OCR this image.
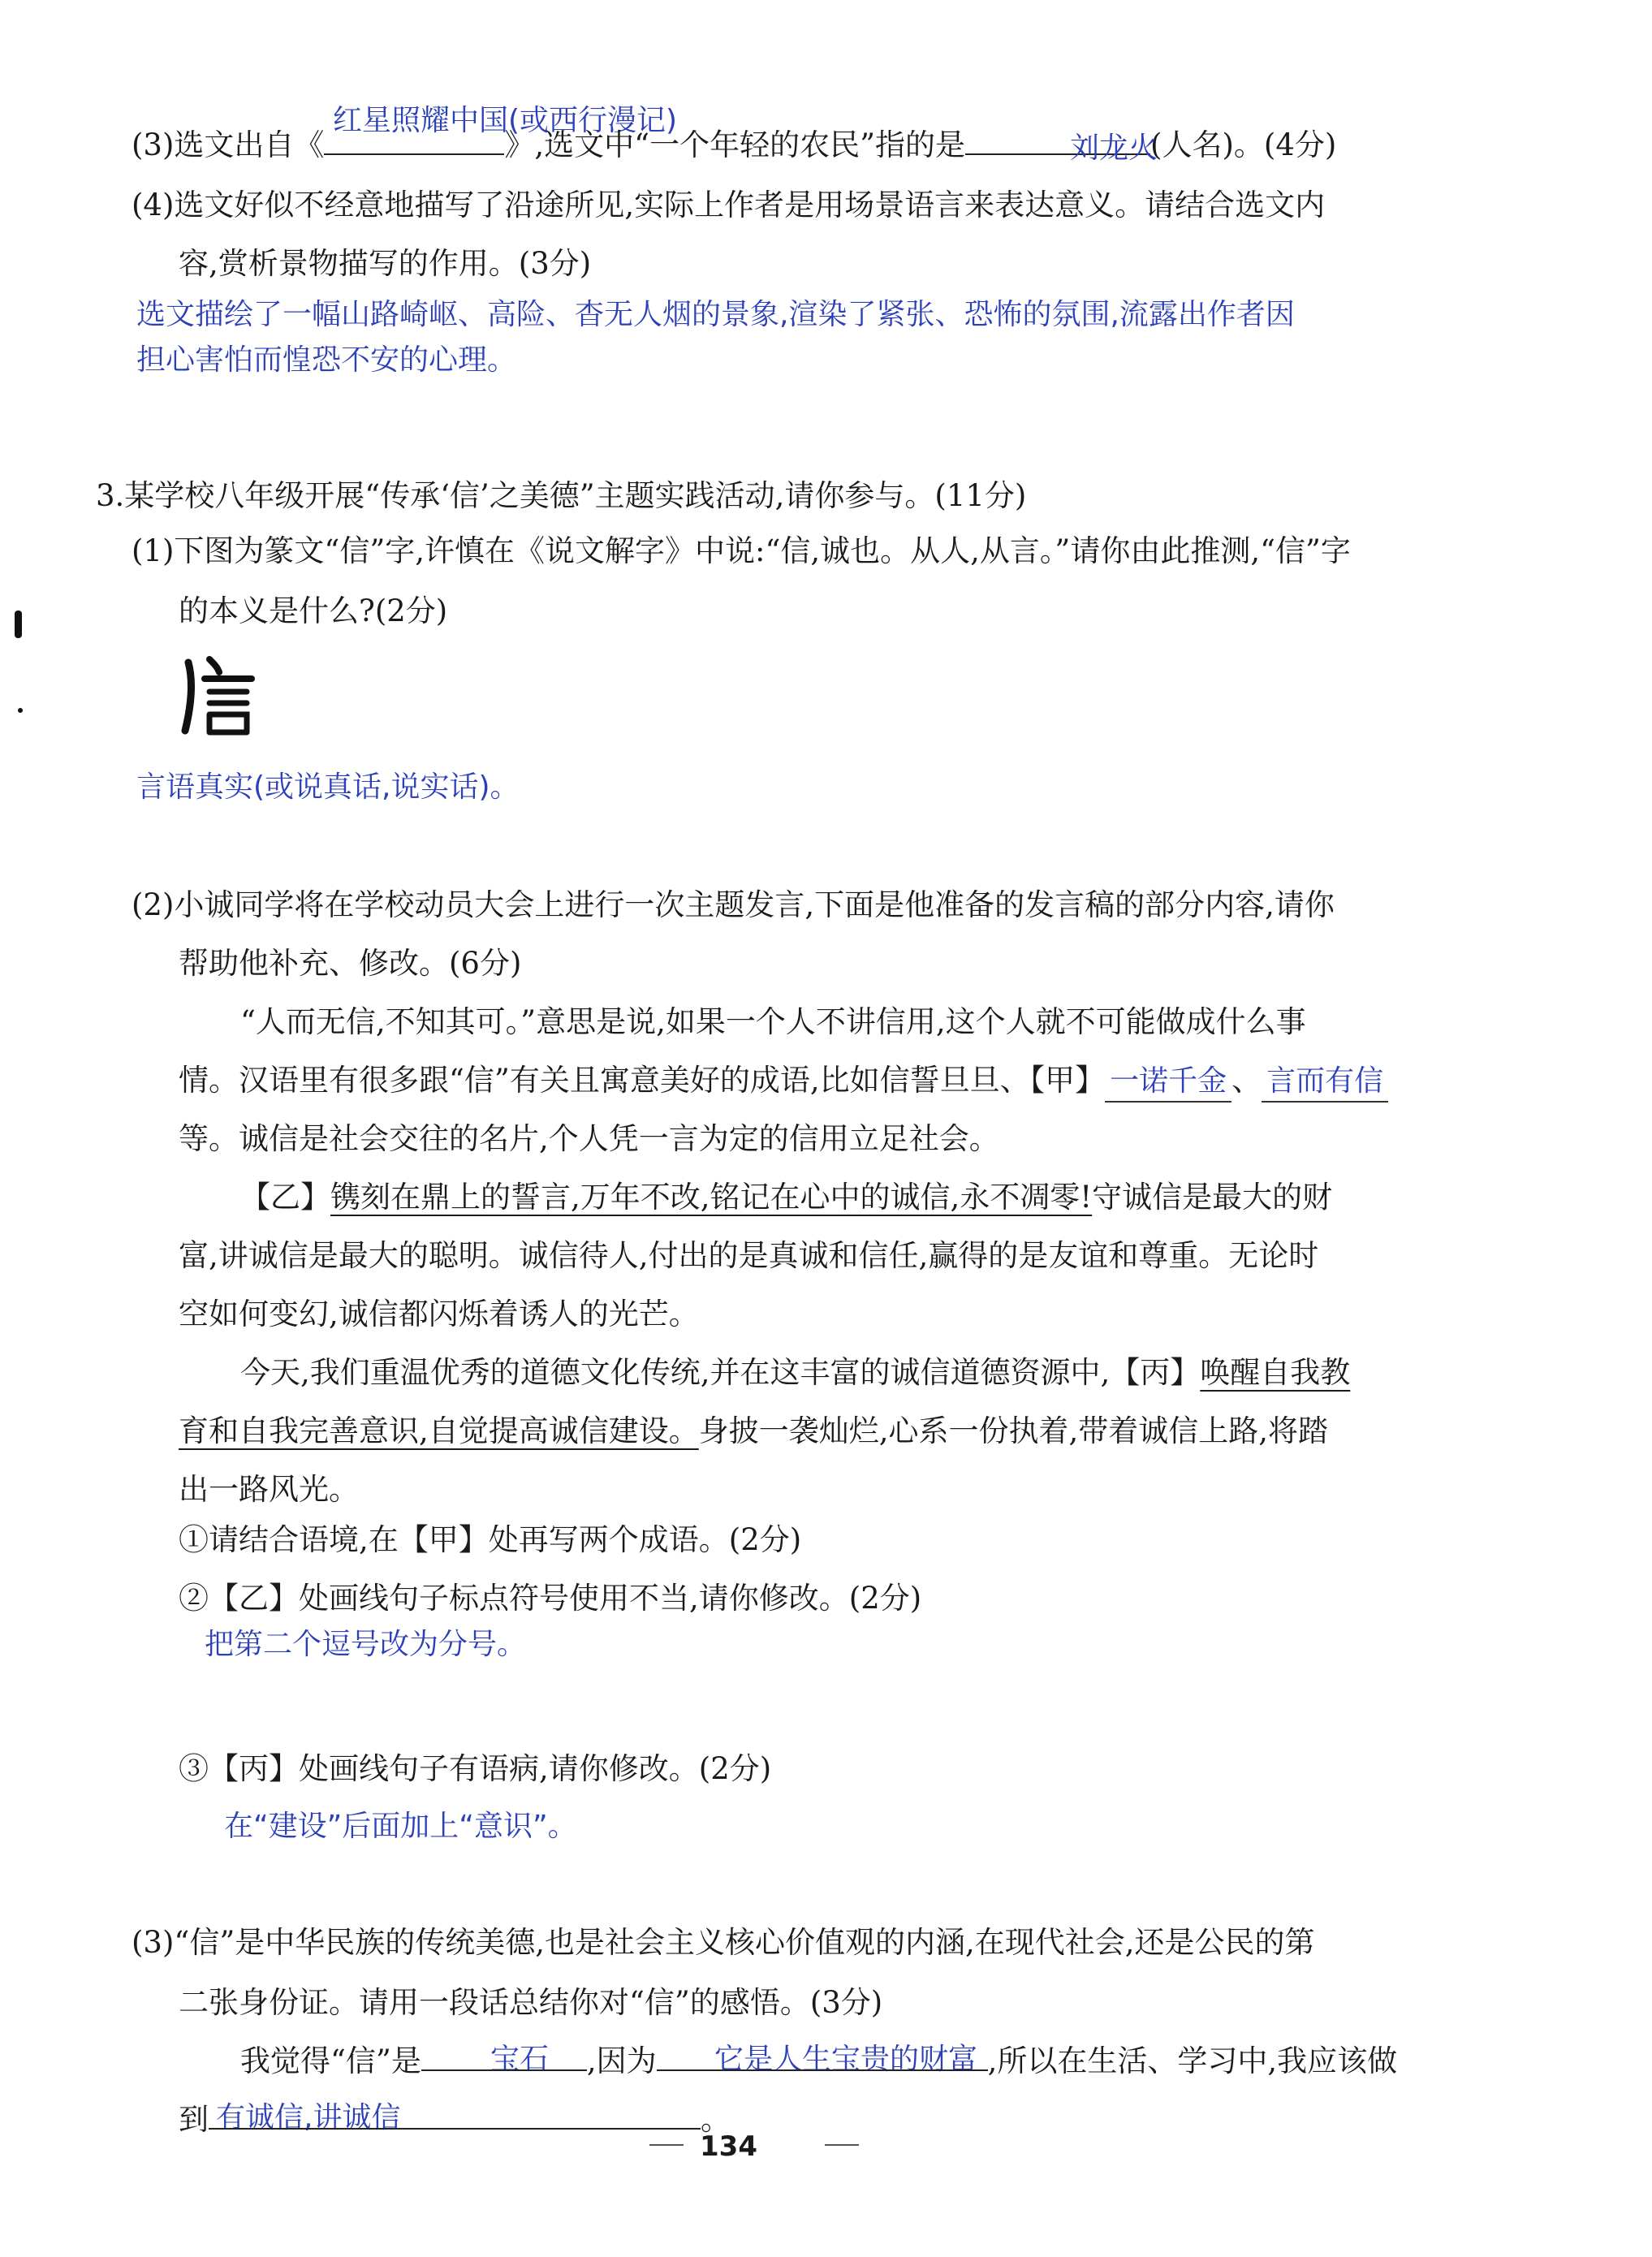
红星照耀中国(或西行漫记)
(3)选文出自《	》,选文中“一个年轻的农民”指的是	(人名)。(4分)
刘龙火
(4)选文好似不经意地描写了沿途所见,实际上作者是用场景语言来表达意义。请结合选文内
容,赏析景物描写的作用。(3分)
选文描绘了一幅山路崎岖、高险、杳无人烟的景象,渲染了紧张、恐怖的氛围,流露出作者因
担心害怕而惶恐不安的心理。
3.某学校八年级开展“传承‘信’之美德”主题实践活动,请你参与。(11分)
(1)下图为篆文“信”字,许慎在《说文解字》中说:“信,诚也。从人,从言。”请你由此推测,“信”字
的本义是什么?(2分)
言语真实(或说真话,说实话)。
(2)小诚同学将在学校动员大会上进行一次主题发言,下面是他准备的发言稿的部分内容,请你
帮助他补充、修改。(6分)
“人而无信,不知其可。”意思是说,如果一个人不讲信用,这个人就不可能做成什么事
情。汉语里有很多跟“信”有关且寓意美好的成语,比如信誓旦旦、【甲】 一诺千金 、 言而有信
等。诚信是社会交往的名片,个人凭一言为定的信用立足社会。
【乙】镌刻在鼎上的誓言,万年不改,铭记在心中的诚信,永不凋零!守诚信是最大的财
富,讲诚信是最大的聪明。诚信待人,付出的是真诚和信任,赢得的是友谊和尊重。无论时
空如何变幻,诚信都闪烁着诱人的光芒。
今天,我们重温优秀的道德文化传统,并在这丰富的诚信道德资源中,【丙】唤醒自我教
育和自我完善意识,自觉提高诚信建设。身披一袭灿烂,心系一份执着,带着诚信上路,将踏
出一路风光。
①请结合语境,在【甲】处再写两个成语。(2分)
②【乙】处画线句子标点符号使用不当,请你修改。(2分)
把第二个逗号改为分号。
③【丙】处画线句子有语病,请你修改。(2分)
在“建设”后面加上“意识”。
(3)“信”是中华民族的传统美德,也是社会主义核心价值观的内涵,在现代社会,还是公民的第
二张身份证。请用一段话总结你对“信”的感悟。(3分)
宝石	它是人生宝贵的财富
我觉得“信”是	,因为	,所以在生活、学习中,我应该做
有诚信,讲诚信
到	。
134
